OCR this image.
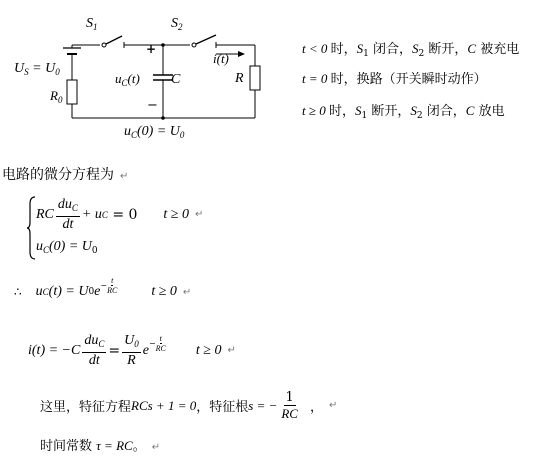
$S_1$	$S_2$
i(t)
+
−
$U_S = U_0$
$R_0$
$u_C(t)$ C	R
$u_C(0) = U_0$
t < 0 时，$S_1$ 闭合，$S_2$ 断开，C 被充电
t = 0 时，换路（开关瞬时动作）
t ≥ 0 时，$S_1$ 断开，$S_2$ 闭合，C 放电
电路的微分方程为 ↵
RC $\frac{du_C}{dt} + u$ C
= 0 t ≥ 0 ↵
$u_C(0) = U_0$
∴ u C (t) = U 0 $e - \frac{t}{RC}$ t ≥ 0 ↵
$i(t) = -C \frac{du_C}{dt} = \frac{U_0}{R}$ $e - \frac{t}{RC}$ t ≥ 0 ↵
这里，特征方程 RCs + 1 = 0 ，特征根 s = − $\frac{1}{RC}$ ， ↵
时间常数 τ = RC。 ↵
